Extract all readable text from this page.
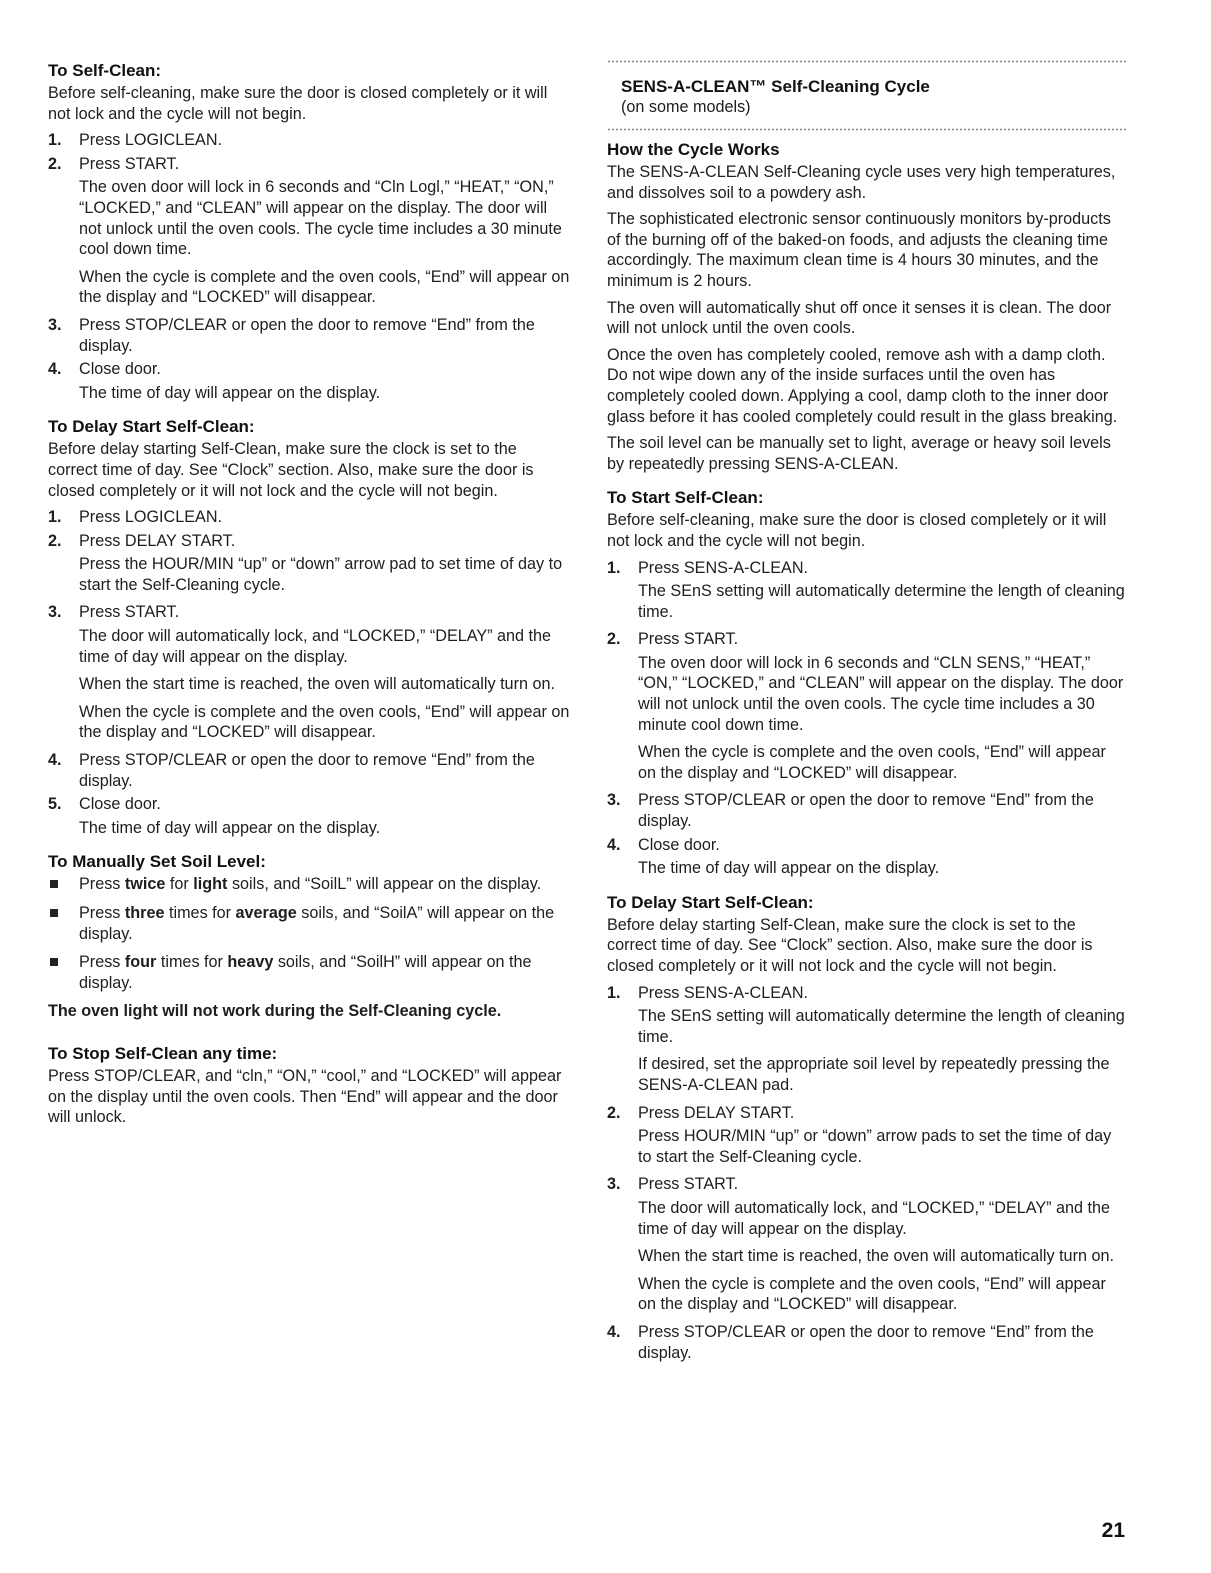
To Self-Clean:

Before self-cleaning, make sure the door is closed completely or it will not lock and the cycle will not begin.

1. Press LOGICLEAN.
2. Press START.
The oven door will lock in 6 seconds and “Cln Logl,” “HEAT,” “ON,” “LOCKED,” and “CLEAN” will appear on the display. The door will not unlock until the oven cools. The cycle time includes a 30 minute cool down time.
When the cycle is complete and the oven cools, “End” will appear on the display and “LOCKED” will disappear.
3. Press STOP/CLEAR or open the door to remove “End” from the display.
4. Close door.
The time of day will appear on the display.
To Delay Start Self-Clean:

Before delay starting Self-Clean, make sure the clock is set to the correct time of day. See “Clock” section. Also, make sure the door is closed completely or it will not lock and the cycle will not begin.

1. Press LOGICLEAN.
2. Press DELAY START.
Press the HOUR/MIN “up” or “down” arrow pad to set time of day to start the Self-Cleaning cycle.
3. Press START.
The door will automatically lock, and “LOCKED,” “DELAY” and the time of day will appear on the display.
When the start time is reached, the oven will automatically turn on.
When the cycle is complete and the oven cools, “End” will appear on the display and “LOCKED” will disappear.
4. Press STOP/CLEAR or open the door to remove “End” from the display.
5. Close door.
The time of day will appear on the display.
To Manually Set Soil Level:
Press twice for light soils, and “SoilL” will appear on the display.
Press three times for average soils, and “SoilA” will appear on the display.
Press four times for heavy soils, and “SoilH” will appear on the display.

The oven light will not work during the Self-Cleaning cycle.

To Stop Self-Clean any time:

Press STOP/CLEAR, and “cln,” “ON,” “cool,” and “LOCKED” will appear on the display until the oven cools. Then “End” will appear and the door will unlock.

SENS-A-CLEAN™ Self-Cleaning Cycle
(on some models)
How the Cycle Works

The SENS-A-CLEAN Self-Cleaning cycle uses very high temperatures, and dissolves soil to a powdery ash.

The sophisticated electronic sensor continuously monitors by-products of the burning off of the baked-on foods, and adjusts the cleaning time accordingly. The maximum clean time is 4 hours 30 minutes, and the minimum is 2 hours.

The oven will automatically shut off once it senses it is clean. The door will not unlock until the oven cools.

Once the oven has completely cooled, remove ash with a damp cloth. Do not wipe down any of the inside surfaces until the oven has completely cooled down. Applying a cool, damp cloth to the inner door glass before it has cooled completely could result in the glass breaking.

The soil level can be manually set to light, average or heavy soil levels by repeatedly pressing SENS-A-CLEAN.

To Start Self-Clean:

Before self-cleaning, make sure the door is closed completely or it will not lock and the cycle will not begin.

1. Press SENS-A-CLEAN.
The SEnS setting will automatically determine the length of cleaning time.
2. Press START.
The oven door will lock in 6 seconds and “CLN SENS,” “HEAT,” “ON,” “LOCKED,” and “CLEAN” will appear on the display. The door will not unlock until the oven cools. The cycle time includes a 30 minute cool down time.
When the cycle is complete and the oven cools, “End” will appear on the display and “LOCKED” will disappear.
3. Press STOP/CLEAR or open the door to remove “End” from the display.
4. Close door.
The time of day will appear on the display.
To Delay Start Self-Clean:

Before delay starting Self-Clean, make sure the clock is set to the correct time of day. See “Clock” section. Also, make sure the door is closed completely or it will not lock and the cycle will not begin.

1. Press SENS-A-CLEAN.
The SEnS setting will automatically determine the length of cleaning time.
If desired, set the appropriate soil level by repeatedly pressing the SENS-A-CLEAN pad.
2. Press DELAY START.
Press HOUR/MIN “up” or “down” arrow pads to set the time of day to start the Self-Cleaning cycle.
3. Press START.
The door will automatically lock, and “LOCKED,” “DELAY” and the time of day will appear on the display.
When the start time is reached, the oven will automatically turn on.
When the cycle is complete and the oven cools, “End” will appear on the display and “LOCKED” will disappear.
4. Press STOP/CLEAR or open the door to remove “End” from the display.
21
